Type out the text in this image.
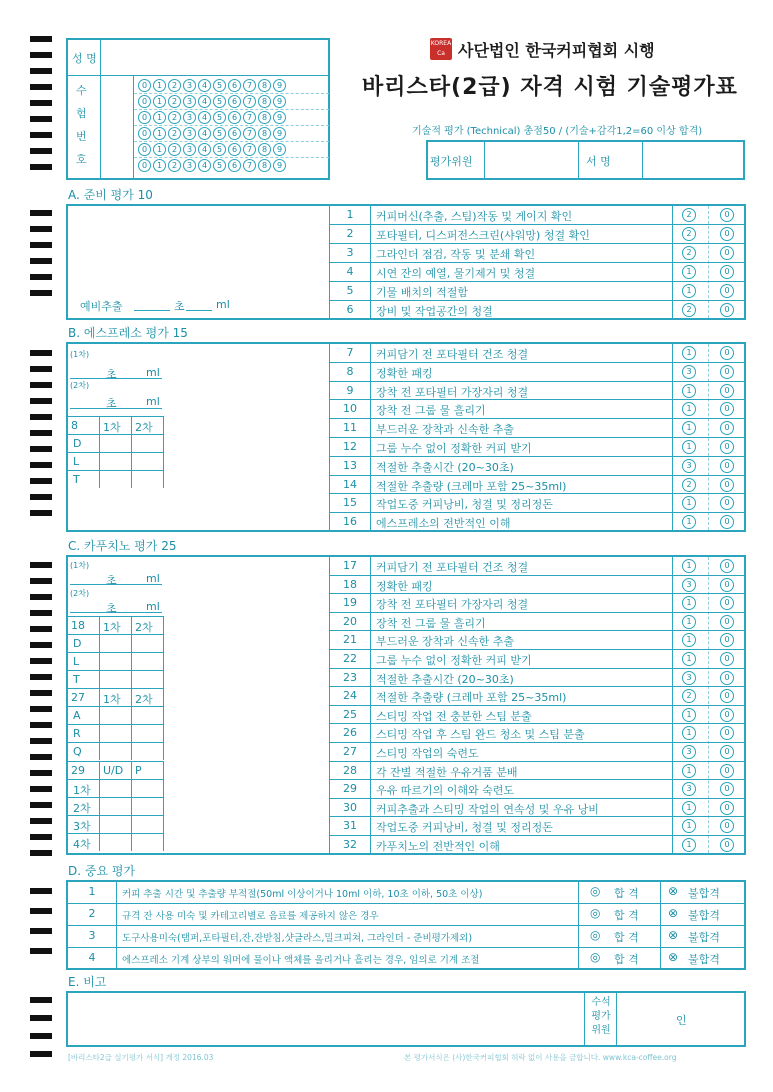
KOREA Ca 사단법인 한국커피협회 시행
바리스타(2급) 자격 시험 기술평가표
기술적 평가 (Technical) 총점50 / (기술+감각1,2=60 이상 합격)
평가위원	서 명
성 명
수
험
번
호
0	1	2	3	4	5	6	7	8	9
0	1	2	3	4	5	6	7	8	9
0	1	2	3	4	5	6	7	8	9
0	1	2	3	4	5	6	7	8	9
0	1	2	3	4	5	6	7	8	9
0	1	2	3	4	5	6	7	8	9
A. 준비 평가 10
예비추출	초	ml
1	커피머신(추출, 스팀)작동 및 게이지 확인	2	0
2	포타필터, 디스퍼전스크린(샤워망) 청결 확인	2	0
3	그라인더 점검, 작동 및 분쇄 확인	2	0
4	시연 잔의 예열, 물기제거 및 청결	1	0
5	기물 배치의 적절함	1	0
6	장비 및 작업공간의 청결	2	0
B. 에스프레소 평가 15
(1차)
초	ml
(2차)
초	ml
8 1차 2차
D
L
T
7	커피담기 전 포타필터 건조 청결	1	0
8	정확한 패킹	3	0
9	장착 전 포타필터 가장자리 청결	1	0
10	장착 전 그룹 물 흘리기	1	0
11	부드러운 장착과 신속한 추출	1	0
12	그룹 누수 없이 정확한 커피 받기	1	0
13	적절한 추출시간 (20~30초)	3	0
14	적절한 추출량 (크레마 포함 25~35ml)	2	0
15	작업도중 커피낭비, 청결 및 정리정돈	1	0
16	에스프레소의 전반적인 이해	1	0
C. 카푸치노 평가 25
(1차)
초	ml
(2차)
초	ml
18 1차 2차
D
L
T
27 1차 2차
A
R
Q
29 U/D P
1차
2차
3차
4차
17	커피담기 전 포타필터 건조 청결	1	0
18	정확한 패킹	3	0
19	장착 전 포타필터 가장자리 청결	1	0
20	장착 전 그룹 물 흘리기	1	0
21	부드러운 장착과 신속한 추출	1	0
22	그룹 누수 없이 정확한 커피 받기	1	0
23	적절한 추출시간 (20~30초)	3	0
24	적절한 추출량 (크레마 포함 25~35ml)	2	0
25	스티밍 작업 전 충분한 스팀 분출	1	0
26	스티밍 작업 후 스팀 완드 청소 및 스팀 분출	1	0
27	스티밍 작업의 숙련도	3	0
28	각 잔별 적절한 우유거품 분배	1	0
29	우유 따르기의 이해와 숙련도	3	0
30	커피추출과 스티밍 작업의 연속성 및 우유 낭비	1	0
31	작업도중 커피낭비, 청결 및 정리정돈	1	0
32	카푸치노의 전반적인 이해	1	0
D. 중요 평가
1	커피 추출 시간 및 추출량 부적절(50ml 이상이거나 10ml 이하, 10초 이하, 50초 이상)	◎ 합 격 ⊗ 불합격
2	규격 잔 사용 미숙 및 카테고리별로 음료를 제공하지 않은 경우	◎ 합 격 ⊗ 불합격
3	도구사용미숙(탬퍼,포타필터,잔,잔받침,샷글라스,밀크피쳐, 그라인더 - 준비평가제외)	◎ 합 격 ⊗ 불합격
4	에스프레소 기계 상부의 워머에 물이나 액체를 올리거나 흘리는 경우, 임의로 기계 조절	◎ 합 격 ⊗ 불합격
E. 비고
수석 평가 위원
인
[바리스타2급 실기평가 서식] 개정 2016.03	본 평가서식은 (사)한국커피협회 허락 없이 사용을 금합니다. www.kca-coffee.org
